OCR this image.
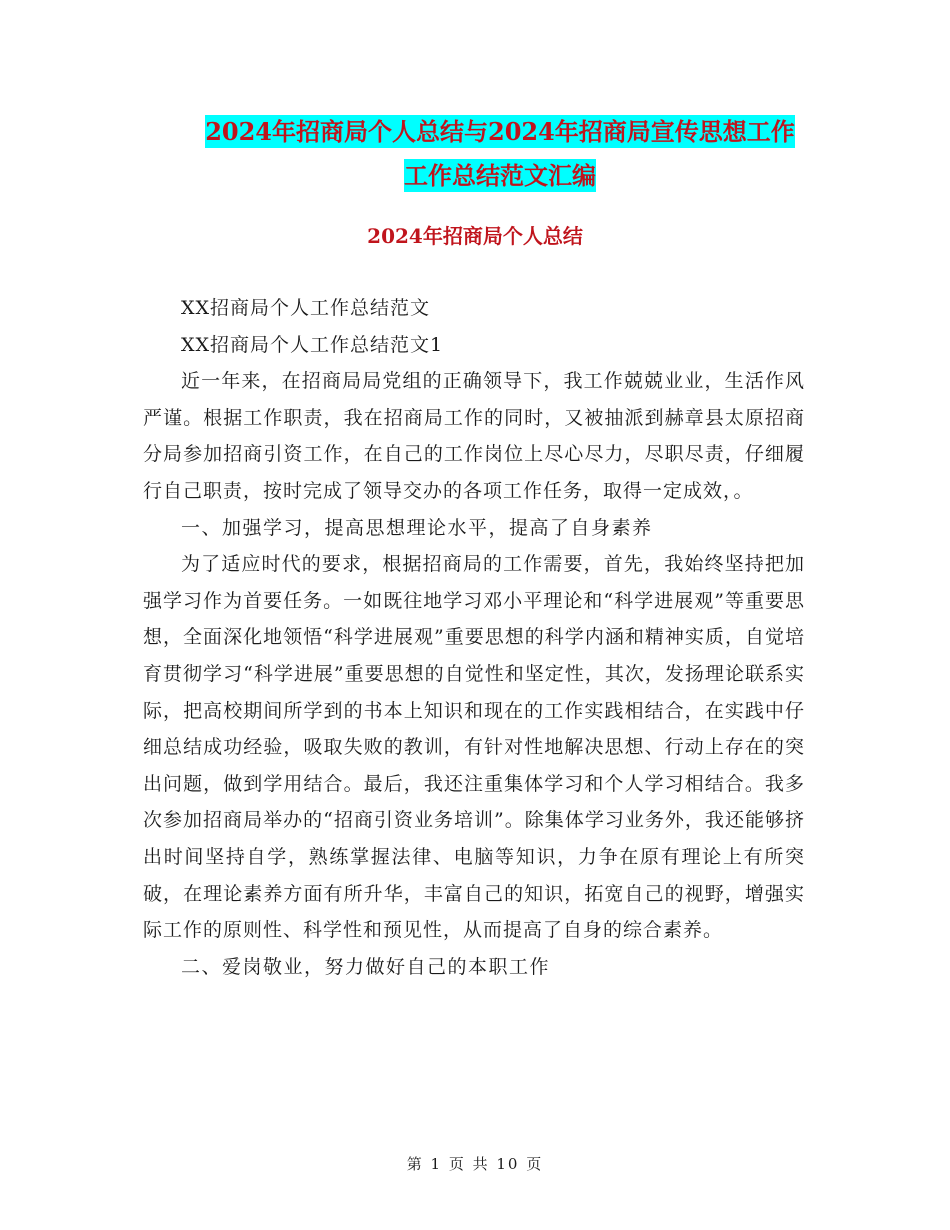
2024年招商局个人总结与2024年招商局宣传思想工作
工作总结范文汇编
2024年招商局个人总结

XX招商局个人工作总结范文

XX招商局个人工作总结范文1

近一年来，在招商局局党组的正确领导下，我工作兢兢业业，生活作风严谨。根据工作职责，我在招商局工作的同时，又被抽派到赫章县太原招商分局参加招商引资工作，在自己的工作岗位上尽心尽力，尽职尽责，仔细履行自己职责，按时完成了领导交办的各项工作任务，取得一定成效，。

一、加强学习，提高思想理论水平，提高了自身素养

为了适应时代的要求，根据招商局的工作需要，首先，我始终坚持把加强学习作为首要任务。一如既往地学习邓小平理论和“科学进展观”等重要思想，全面深化地领悟“科学进展观”重要思想的科学内涵和精神实质，自觉培育贯彻学习“科学进展”重要思想的自觉性和坚定性，其次，发扬理论联系实际，把高校期间所学到的书本上知识和现在的工作实践相结合，在实践中仔细总结成功经验，吸取失败的教训，有针对性地解决思想、行动上存在的突出问题，做到学用结合。最后，我还注重集体学习和个人学习相结合。我多次参加招商局举办的“招商引资业务培训”。除集体学习业务外，我还能够挤出时间坚持自学，熟练掌握法律、电脑等知识，力争在原有理论上有所突破，在理论素养方面有所升华，丰富自己的知识，拓宽自己的视野，增强实际工作的原则性、科学性和预见性，从而提高了自身的综合素养。

二、爱岗敬业，努力做好自己的本职工作

第 1 页 共 10 页
